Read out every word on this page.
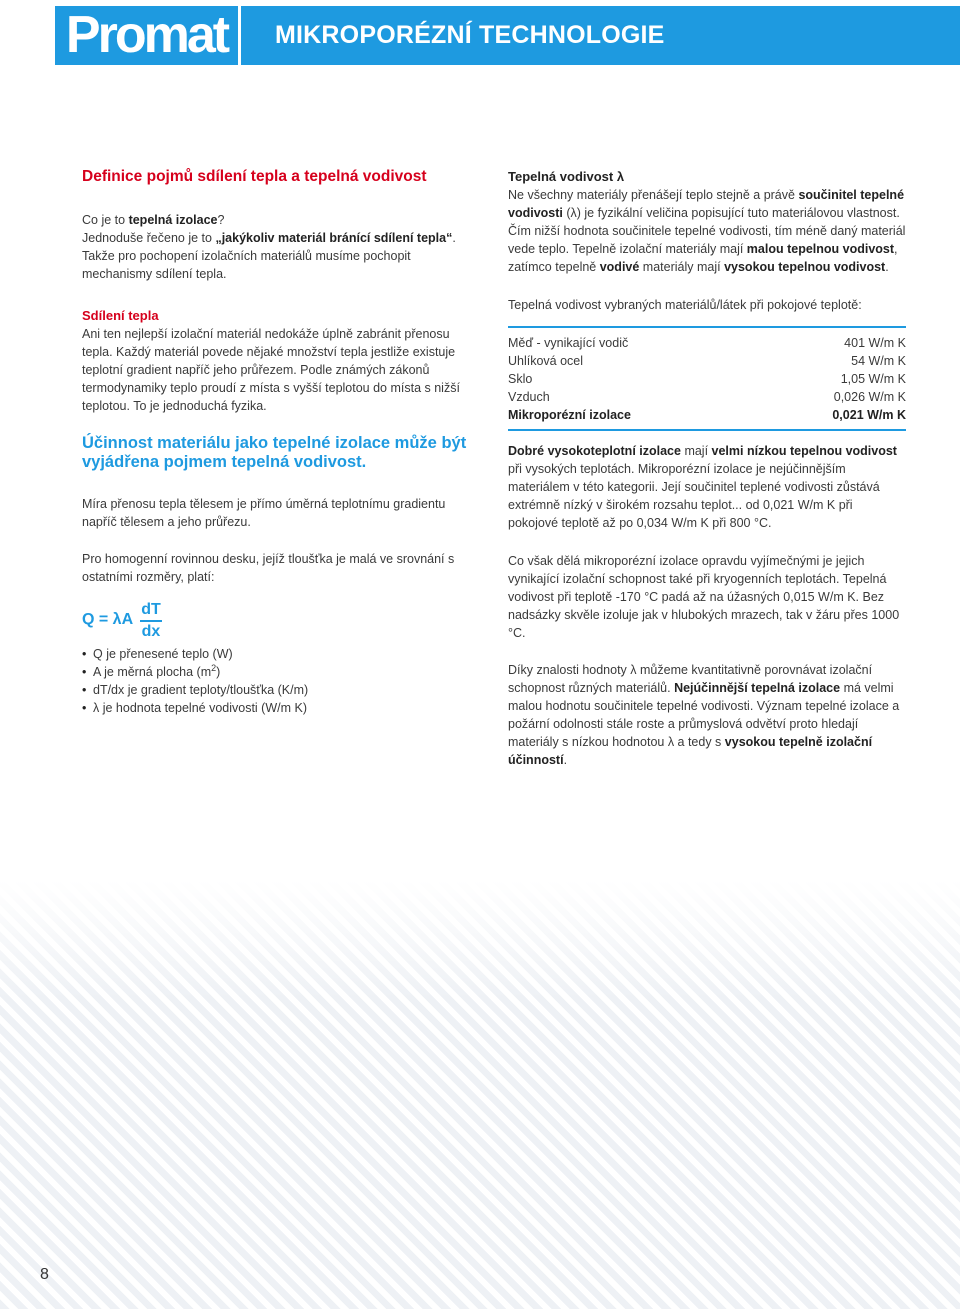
Promat MIKROPORÉZNÍ TECHNOLOGIE

Definice pojmů sdílení tepla a tepelná vodivost

Co je to tepelná izolace?
Jednoduše řečeno je to „jakýkoliv materiál bránící sdílení tepla“. Takže pro pochopení izolačních materiálů musíme pochopit mechanismy sdílení tepla.

Sdílení tepla

Ani ten nejlepší izolační materiál nedokáže úplně zabránit přenosu tepla. Každý materiál povede nějaké množství tepla jestliže existuje teplotní gradient napříč jeho průřezem. Podle známých zákonů termodynamiky teplo proudí z místa s vyšší teplotou do místa s nižší teplotou. To je jednoduchá fyzika.

Účinnost materiálu jako tepelné izolace může být vyjádřena pojmem tepelná vodivost.

Míra přenosu tepla tělesem je přímo úměrná teplotnímu gradientu napříč tělesem a jeho průřezu.

Pro homogenní rovinnou desku, jejíž tloušťka je malá ve srovnání s ostatními rozměry, platí:

Q = λA
dT
dx
• Q je přenesené teplo (W)
• A je měrná plocha $(m^2)$
• dT/dx je gradient teploty/tloušťka (K/m)
• λ je hodnota tepelné vodivosti (W/m K)

Tepelná vodivost λ

Ne všechny materiály přenášejí teplo stejně a právě součinitel tepelné vodivosti (λ) je fyzikální veličina popisující tuto materiálovou vlastnost. Čím nižší hodnota součinitele tepelné vodivosti, tím méně daný materiál vede teplo. Tepelně izolační materiály mají malou tepelnou vodivost, zatímco tepelně vodivé materiály mají vysokou tepelnou vodivost.

Tepelná vodivost vybraných materiálů/látek při pokojové teplotě:

Měď - vynikající vodič	401 W/m K
Uhlíková ocel	54 W/m K
Sklo	1,05 W/m K
Vzduch	0,026 W/m K
Mikroporézní izolace	0,021 W/m K

Dobré vysokoteplotní izolace mají velmi nízkou tepelnou vodivost při vysokých teplotách. Mikroporézní izolace je nejúčinnějším materiálem v této kategorii. Její součinitel teplené vodivosti zůstává extrémně nízký v širokém rozsahu teplot... od 0,021 W/m K při pokojové teplotě až po 0,034 W/m K při 800 °C.

Co však dělá mikroporézní izolace opravdu vyjímečnými je jejich vynikající izolační schopnost také při kryogenních teplotách. Tepelná vodivost při teplotě -170 °C padá až na úžasných 0,015 W/m K. Bez nadsázky skvěle izoluje jak v hlubokých mrazech, tak v žáru přes 1000 °C.

Díky znalosti hodnoty λ můžeme kvantitativně porovnávat izolační schopnost různých materiálů. Nejúčinnější tepelná izolace má velmi malou hodnotu součinitele tepelné vodivosti. Význam tepelné izolace a požární odolnosti stále roste a průmyslová odvětví proto hledají materiály s nízkou hodnotou λ a tedy s vysokou tepelně izolační účinností.

8
